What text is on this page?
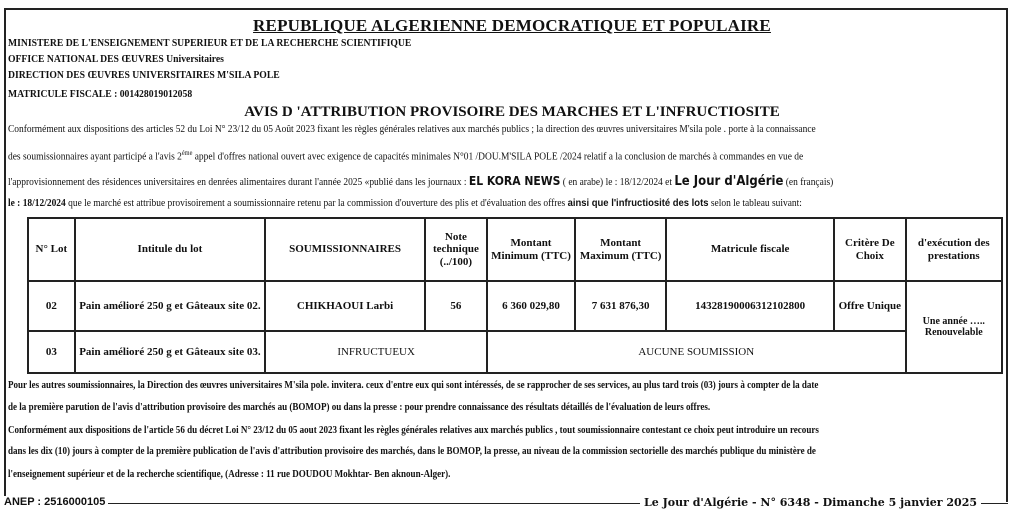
REPUBLIQUE ALGERIENNE DEMOCRATIQUE ET POPULAIRE
MINISTERE DE L'ENSEIGNEMENT SUPERIEUR ET DE LA RECHERCHE SCIENTIFIQUE
OFFICE NATIONAL DES ŒUVRES Universitaires
DIRECTION DES ŒUVRES UNIVERSITAIRES M'SILA POLE
MATRICULE FISCALE : 001428019012058
AVIS D 'ATTRIBUTION PROVISOIRE DES MARCHES ET L'INFRUCTIOSITE
Conformément aux dispositions des articles 52 du Loi N° 23/12 du 05 Août 2023 fixant les règles générales relatives aux marchés publics ; la direction des œuvres universitaires M'sila pole . porte à la connaissance
des soumissionnaires ayant participé a l'avis $2^{éme}$ appel d'offres national ouvert avec exigence de capacités minimales N°01 /DOU.M'SILA POLE /2024 relatif a la conclusion de marchés à commandes en vue de
l'approvisionnement des résidences universitaires en denrées alimentaires durant l'année 2025 «publié dans les journaux : EL KORA NEWS ( en arabe) le : 18/12/2024 et Le Jour d'Algérie (en français)
le : 18/12/2024 que le marché est attribue provisoirement a soumissionnaire retenu par la commission d'ouverture des plis et d'évaluation des offres ainsi que l'infructiosité des lots selon le tableau suivant:
N° Lot	Intitule du lot	SOUMISSIONNAIRES	Note technique (../100)	Montant Minimum (TTC)	Montant Maximum (TTC)	Matricule fiscale	Critère De Choix	d'exécution des prestations
02	Pain amélioré 250 g et Gâteaux site 02.	CHIKHAOUI Larbi	56	6 360 029,80	7 631 876,30	143281900063121028​00	Offre Unique	Une année ….. Renouvelable
03	Pain amélioré 250 g et Gâteaux site 03.	INFRUCTUEUX		AUCUNE SOUMISSION				
Pour les autres soumissionnaires, la Direction des œuvres universitaires M'sila pole. invitera. ceux d'entre eux qui sont intéressés, de se rapprocher de ses services, au plus tard trois (03) jours à compter de la date
de la première parution de l'avis d'attribution provisoire des marchés au (BOMOP) ou dans la presse : pour prendre connaissance des résultats détaillés de l'évaluation de leurs offres.
Conformément aux dispositions de l'article 56 du décret Loi N° 23/12 du 05 aout 2023 fixant les règles générales relatives aux marchés publics , tout soumissionnaire contestant ce choix peut introduire un recours
dans les dix (10) jours à compter de la première publication de l'avis d'attribution provisoire des marchés, dans le BOMOP, la presse, au niveau de la commission sectorielle des marchés publique du ministère de
l'enseignement supérieur et de la recherche scientifique, (Adresse : 11 rue DOUDOU Mokhtar- Ben aknoun-Alger).
ANEP : 2516000105	Le Jour d'Algérie - N° 6348 - Dimanche 5 janvier 2025
